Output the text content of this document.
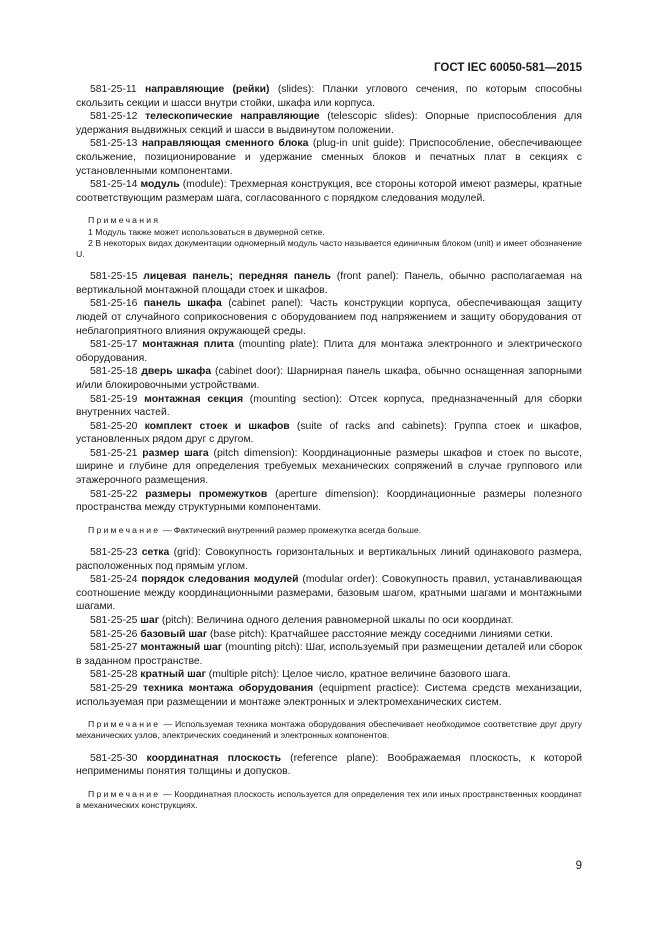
ГОСТ IEC 60050-581—2015

581-25-11 направляющие (рейки) (slides): Планки углового сечения, по которым способны скользить секции и шасси внутри стойки, шкафа или корпуса.

581-25-12 телескопические направляющие (telescopic slides): Опорные приспособления для удержания выдвижных секций и шасси в выдвинутом положении.

581-25-13 направляющая сменного блока (plug-in unit guide): Приспособление, обеспечивающее скольжение, позиционирование и удержание сменных блоков и печатных плат в секциях с установленными компонентами.

581-25-14 модуль (module): Трехмерная конструкция, все стороны которой имеют размеры, кратные соответствующим размерам шага, согласованного с порядком следования модулей.

Примечания

1 Модуль также может использоваться в двумерной сетке.

2 В некоторых видах документации одномерный модуль часто называется единичным блоком (unit) и имеет обозначение U.

581-25-15 лицевая панель; передняя панель (front panel): Панель, обычно располагаемая на вертикальной монтажной площади стоек и шкафов.

581-25-16 панель шкафа (cabinet panel): Часть конструкции корпуса, обеспечивающая защиту людей от случайного соприкосновения с оборудованием под напряжением и защиту оборудования от неблагоприятного влияния окружающей среды.

581-25-17 монтажная плита (mounting plate): Плита для монтажа электронного и электрического оборудования.

581-25-18 дверь шкафа (cabinet door): Шарнирная панель шкафа, обычно оснащенная запорными и/или блокировочными устройствами.

581-25-19 монтажная секция (mounting section): Отсек корпуса, предназначенный для сборки внутренних частей.

581-25-20 комплект стоек и шкафов (suite of racks and cabinets): Группа стоек и шкафов, установленных рядом друг с другом.

581-25-21 размер шага (pitch dimension): Координационные размеры шкафов и стоек по высоте, ширине и глубине для определения требуемых механических сопряжений в случае группового или этажерочного размещения.

581-25-22 размеры промежутков (aperture dimension): Координационные размеры полезного пространства между структурными компонентами.

Примечание — Фактический внутренний размер промежутка всегда больше.

581-25-23 сетка (grid): Совокупность горизонтальных и вертикальных линий одинакового размера, расположенных под прямым углом.

581-25-24 порядок следования модулей (modular order): Совокупность правил, устанавливающая соотношение между координационными размерами, базовым шагом, кратными шагами и монтажными шагами.

581-25-25 шаг (pitch): Величина одного деления равномерной шкалы по оси координат.

581-25-26 базовый шаг (base pitch): Кратчайшее расстояние между соседними линиями сетки.

581-25-27 монтажный шаг (mounting pitch): Шаг, используемый при размещении деталей или сборок в заданном пространстве.

581-25-28 кратный шаг (multiple pitch): Целое число, кратное величине базового шага.

581-25-29 техника монтажа оборудования (equipment practice): Система средств механизации, используемая при размещении и монтаже электронных и электромеханических систем.

Примечание — Используемая техника монтажа оборудования обеспечивает необходимое соответствие друг другу механических узлов, электрических соединений и электронных компонентов.

581-25-30 координатная плоскость (reference plane): Воображаемая плоскость, к которой неприменимы понятия толщины и допусков.

Примечание — Координатная плоскость используется для определения тех или иных пространственных координат в механических конструкциях.

9
